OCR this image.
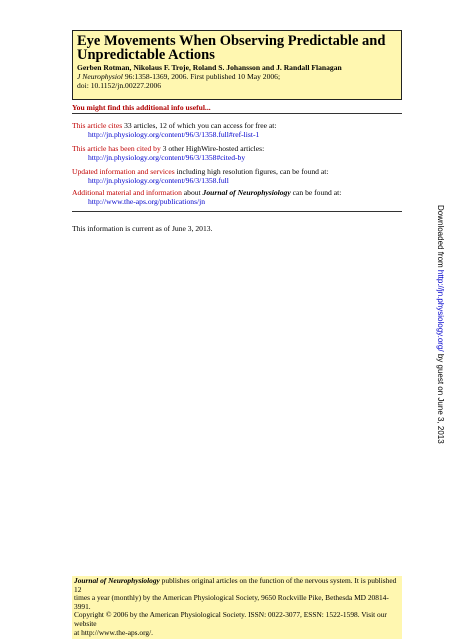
Eye Movements When Observing Predictable and
Unpredictable Actions
Gerben Rotman, Nikolaus F. Troje, Roland S. Johansson and J. Randall Flanagan
J Neurophysiol 96:1358-1369, 2006. First published 10 May 2006;
doi: 10.1152/jn.00227.2006
You might find this additional info useful...
This article cites 33 articles, 12 of which you can access for free at:
http://jn.physiology.org/content/96/3/1358.full#ref-list-1
This article has been cited by 3 other HighWire-hosted articles:
http://jn.physiology.org/content/96/3/1358#cited-by
Updated information and services including high resolution figures, can be found at:
http://jn.physiology.org/content/96/3/1358.full
Additional material and information about Journal of Neurophysiology can be found at:
http://www.the-aps.org/publications/jn
This information is current as of June 3, 2013.
Journal of Neurophysiology publishes original articles on the function of the nervous system. It is published 12
times a year (monthly) by the American Physiological Society, 9650 Rockville Pike, Bethesda MD 20814-3991.
Copyright © 2006 by the American Physiological Society. ISSN: 0022-3077, ESSN: 1522-1598. Visit our website
at http://www.the-aps.org/.
Downloaded from http://jn.physiology.org/ by guest on June 3, 2013
